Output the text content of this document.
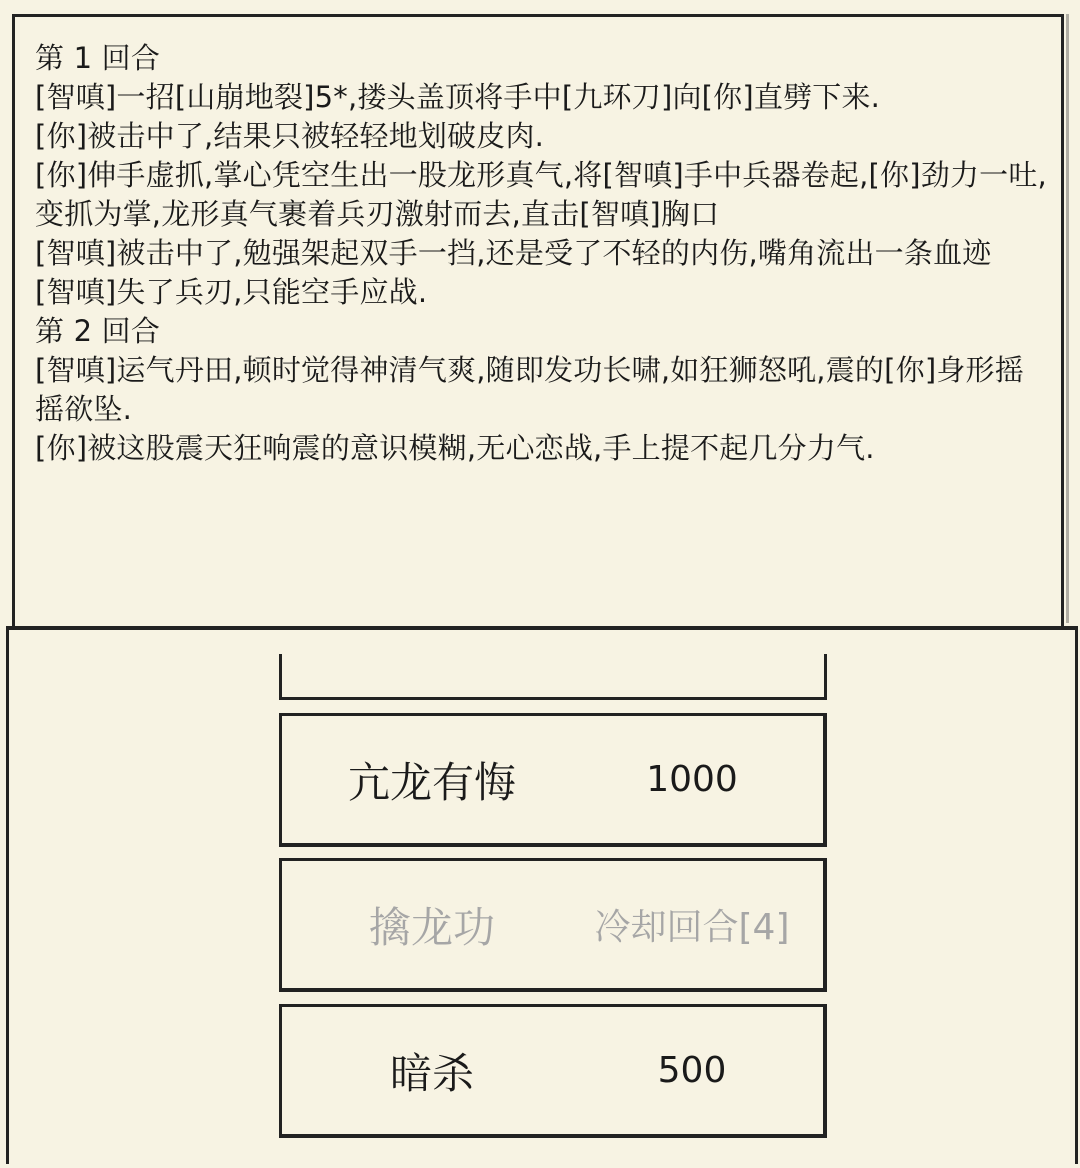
第 1 回合
[智嗔]一招[山崩地裂]5*,搂头盖顶将手中[九环刀]向[你]直劈下来.
[你]被击中了,结果只被轻轻地划破皮肉.
[你]伸手虚抓,掌心凭空生出一股龙形真气,将[智嗔]手中兵器卷起,[你]劲力一吐,变抓为掌,龙形真气裹着兵刃激射而去,直击[智嗔]胸口
[智嗔]被击中了,勉强架起双手一挡,还是受了不轻的内伤,嘴角流出一条血迹
[智嗔]失了兵刃,只能空手应战.
第 2 回合
[智嗔]运气丹田,顿时觉得神清气爽,随即发功长啸,如狂狮怒吼,震的[你]身形摇摇欲坠.
[你]被这股震天狂响震的意识模糊,无心恋战,手上提不起几分力气.
亢龙有悔	1000
擒龙功	冷却回合[4]
暗杀	500
